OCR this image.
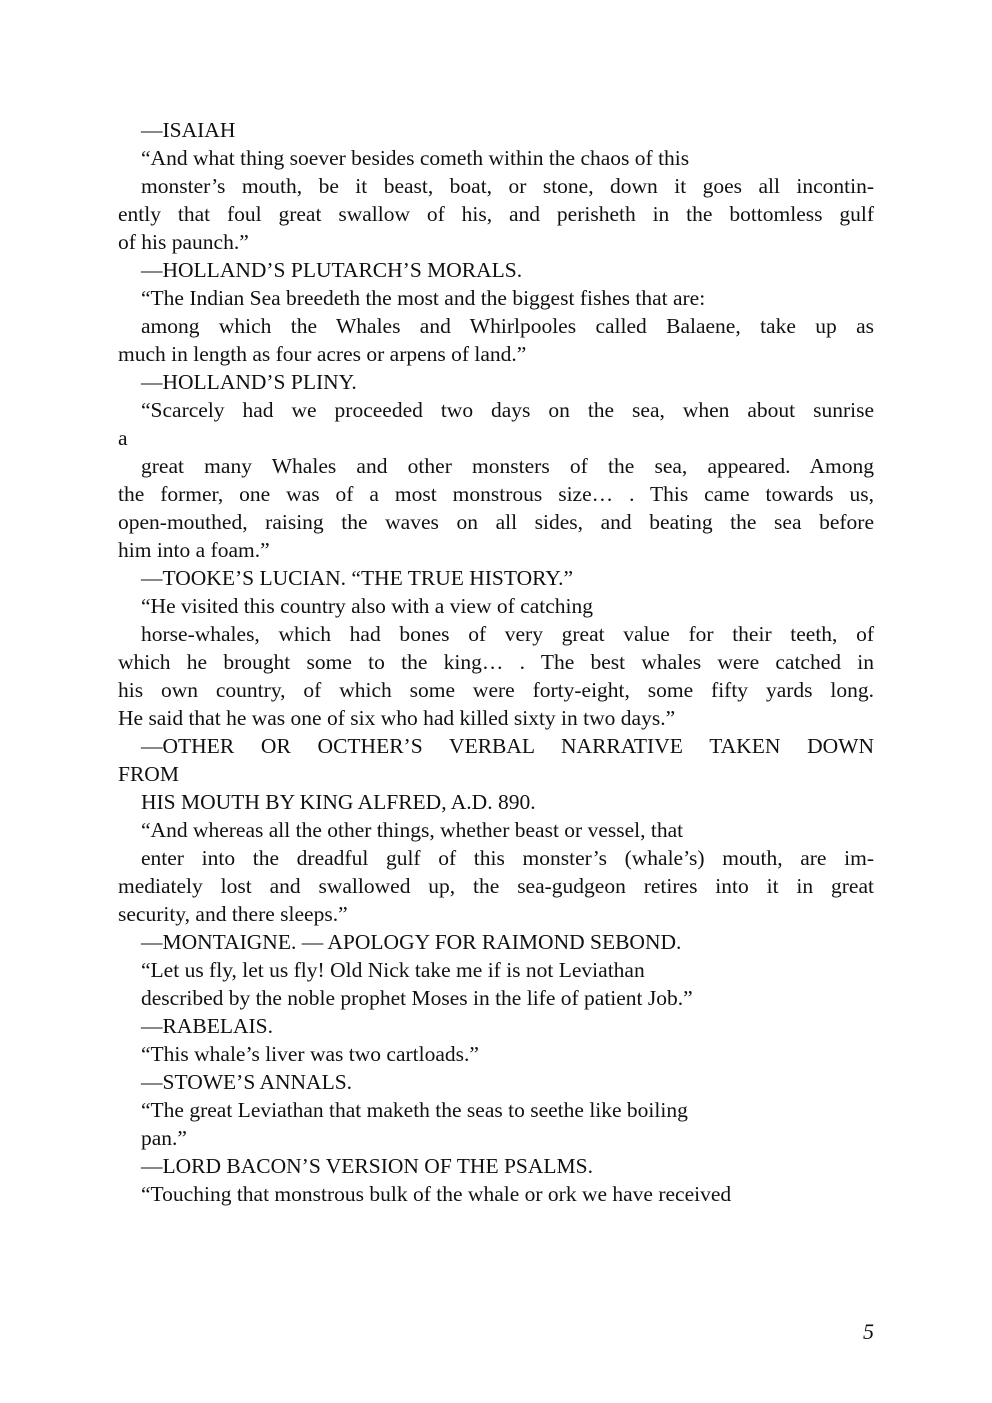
—ISAIAH
“And what thing soever besides cometh within the chaos of this
monster’s mouth, be it beast, boat, or stone, down it goes all incontin-
ently that foul great swallow of his, and perisheth in the bottomless gulf
of his paunch.”
—HOLLAND’S PLUTARCH’S MORALS.
“The Indian Sea breedeth the most and the biggest fishes that are:
among which the Whales and Whirlpooles called Balaene, take up as
much in length as four acres or arpens of land.”
—HOLLAND’S PLINY.
“Scarcely had we proceeded two days on the sea, when about sunrise
a
great many Whales and other monsters of the sea, appeared. Among
the former, one was of a most monstrous size… . This came towards us,
open-mouthed, raising the waves on all sides, and beating the sea before
him into a foam.”
—TOOKE’S LUCIAN. “THE TRUE HISTORY.”
“He visited this country also with a view of catching
horse-whales, which had bones of very great value for their teeth, of
which he brought some to the king… . The best whales were catched in
his own country, of which some were forty-eight, some fifty yards long.
He said that he was one of six who had killed sixty in two days.”
—OTHER OR OCTHER’S VERBAL NARRATIVE TAKEN DOWN
FROM
HIS MOUTH BY KING ALFRED, A.D. 890.
“And whereas all the other things, whether beast or vessel, that
enter into the dreadful gulf of this monster’s (whale’s) mouth, are im-
mediately lost and swallowed up, the sea-gudgeon retires into it in great
security, and there sleeps.”
—MONTAIGNE. — APOLOGY FOR RAIMOND SEBOND.
“Let us fly, let us fly! Old Nick take me if is not Leviathan
described by the noble prophet Moses in the life of patient Job.”
—RABELAIS.
“This whale’s liver was two cartloads.”
—STOWE’S ANNALS.
“The great Leviathan that maketh the seas to seethe like boiling
pan.”
—LORD BACON’S VERSION OF THE PSALMS.
“Touching that monstrous bulk of the whale or ork we have received
5
